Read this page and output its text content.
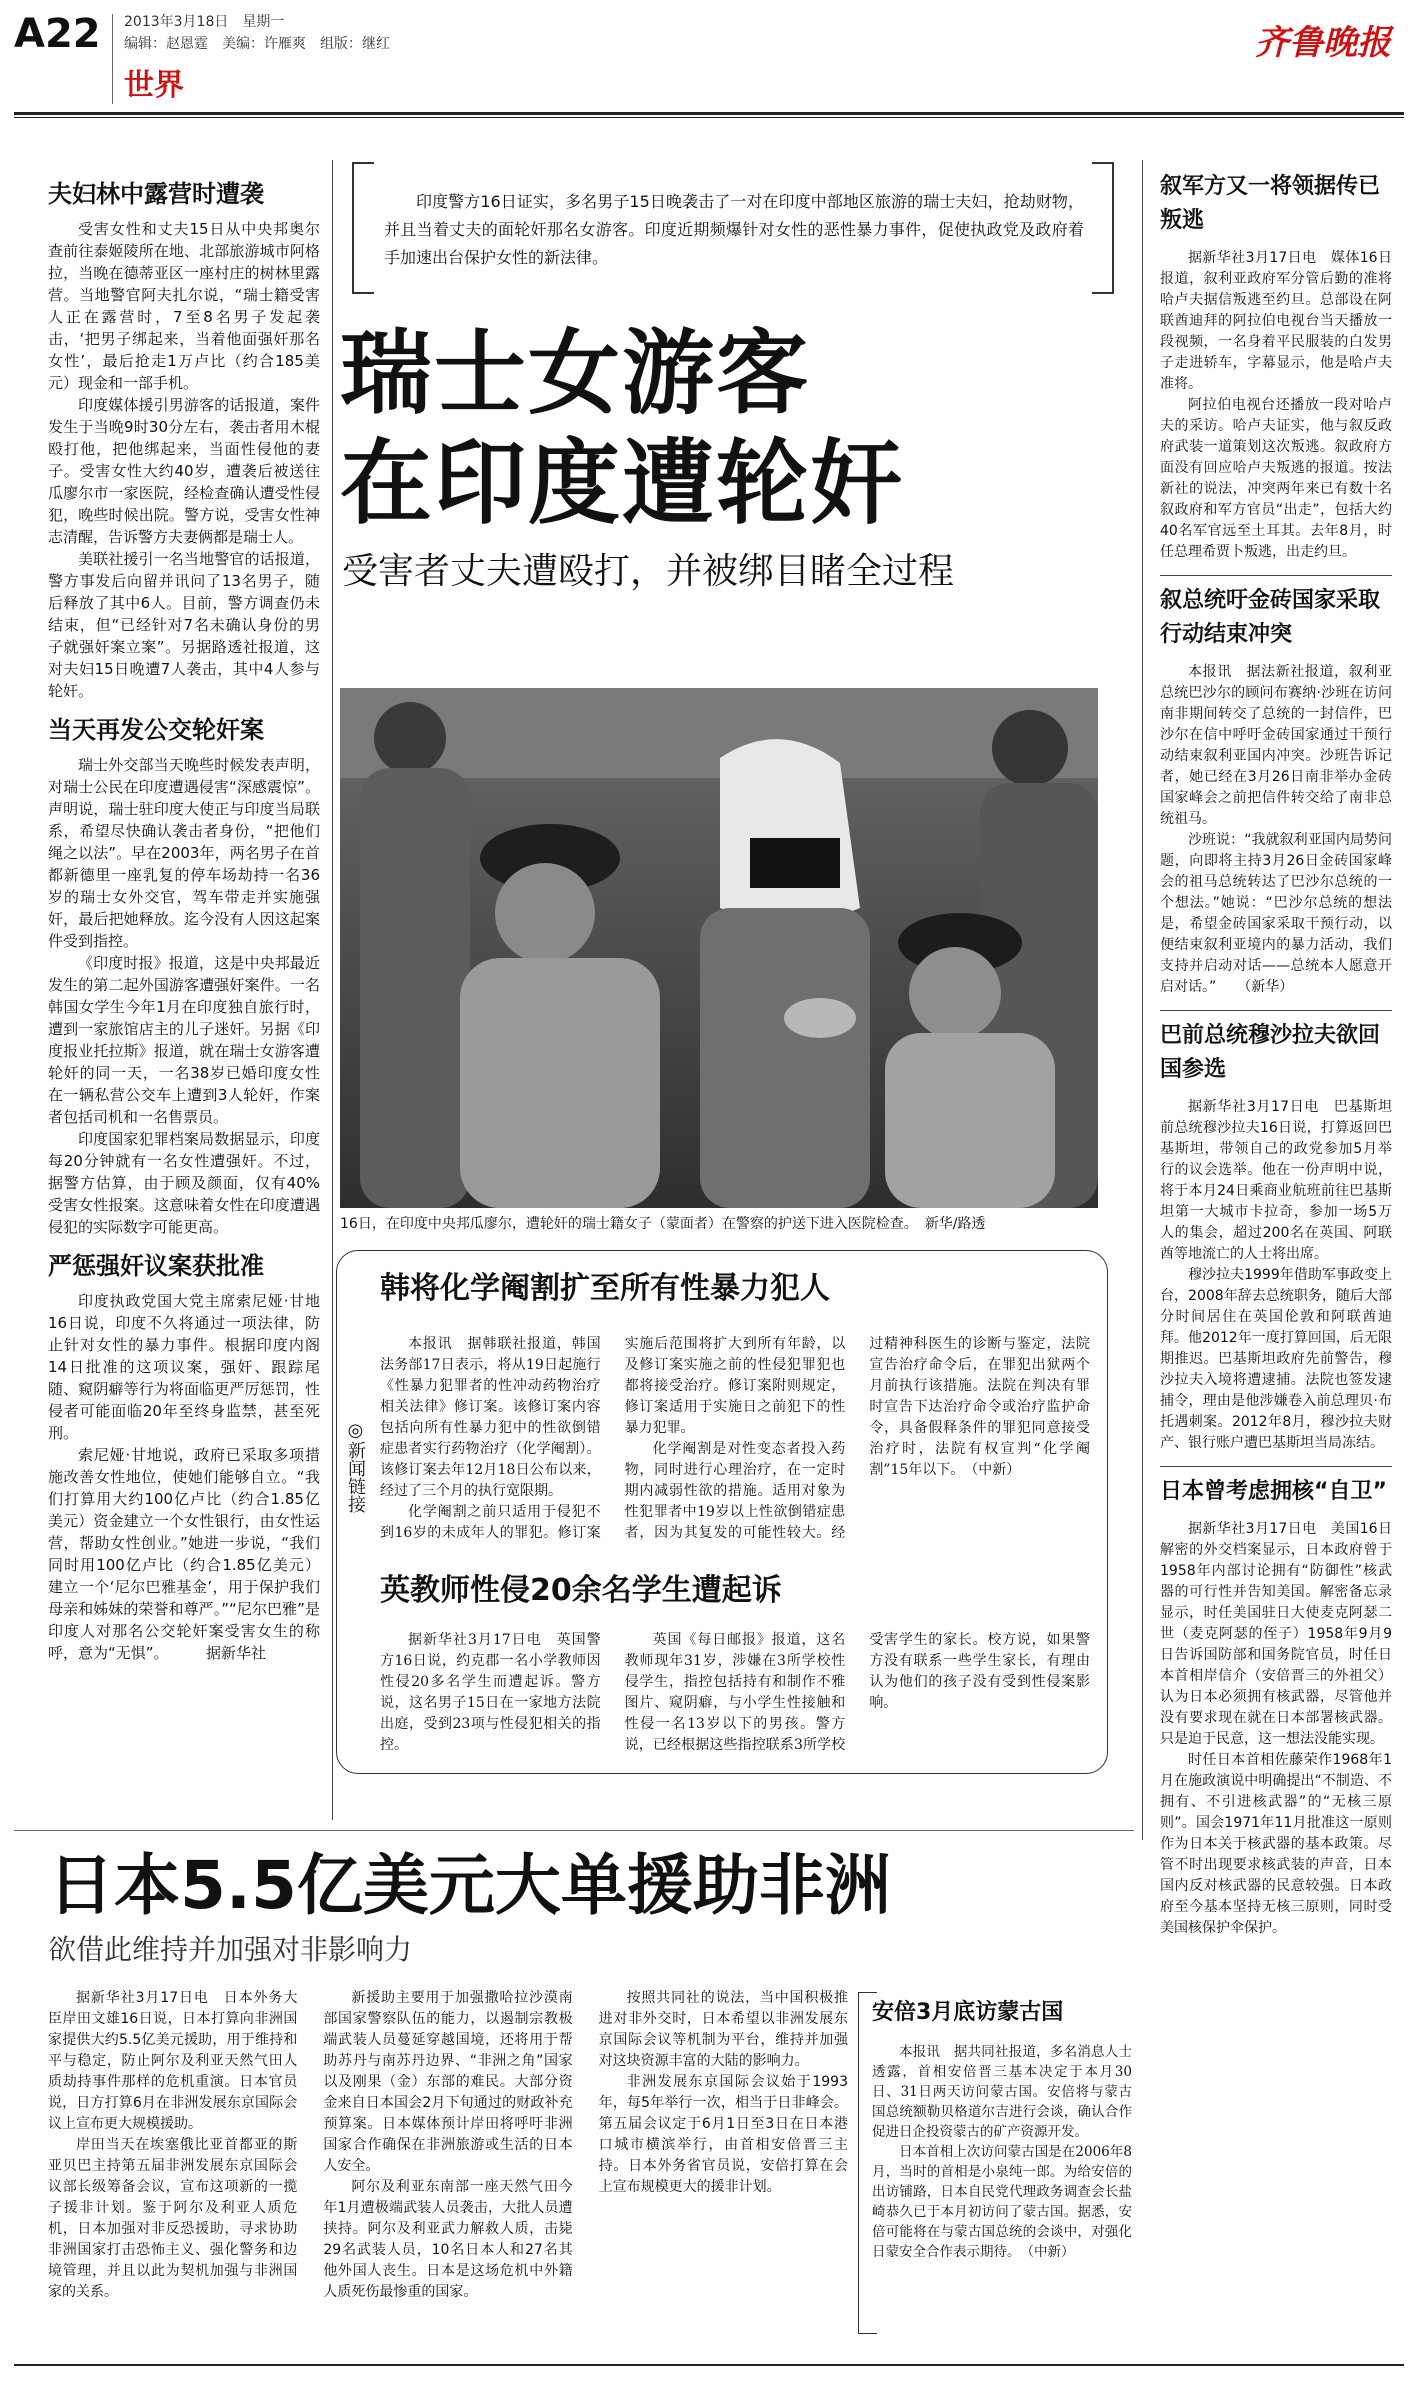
A22 2013年3月18日　星期一
编辑：赵恩霆　美编：许雁爽　组版：继红
世界
齐鲁晚报
夫妇林中露营时遭袭

受害女性和丈夫15日从中央邦奥尔查前往泰姬陵所在地、北部旅游城市阿格拉，当晚在德蒂亚区一座村庄的树林里露营。当地警官阿夫扎尔说，“瑞士籍受害人正在露营时，7至8名男子发起袭击，‘把男子绑起来，当着他面强奸那名女性’，最后抢走1万卢比（约合185美元）现金和一部手机。

印度媒体援引男游客的话报道，案件发生于当晚9时30分左右，袭击者用木棍殴打他，把他绑起来，当面性侵他的妻子。受害女性大约40岁，遭袭后被送往瓜廖尔市一家医院，经检查确认遭受性侵犯，晚些时候出院。警方说，受害女性神志清醒，告诉警方夫妻俩都是瑞士人。

美联社援引一名当地警官的话报道，警方事发后向留并讯问了13名男子，随后释放了其中6人。目前，警方调查仍未结束，但“已经针对7名未确认身份的男子就强奸案立案”。另据路透社报道，这对夫妇15日晚遭7人袭击，其中4人参与轮奸。

当天再发公交轮奸案

瑞士外交部当天晚些时候发表声明，对瑞士公民在印度遭遇侵害“深感震惊”。声明说，瑞士驻印度大使正与印度当局联系，希望尽快确认袭击者身份，“把他们绳之以法”。早在2003年，两名男子在首都新德里一座乳复的停车场劫持一名36岁的瑞士女外交官，驾车带走并实施强奸，最后把她释放。迄今没有人因这起案件受到指控。

《印度时报》报道，这是中央邦最近发生的第二起外国游客遭强奸案件。一名韩国女学生今年1月在印度独自旅行时，遭到一家旅馆店主的儿子迷奸。另据《印度报业托拉斯》报道，就在瑞士女游客遭轮奸的同一天，一名38岁已婚印度女性在一辆私营公交车上遭到3人轮奸，作案者包括司机和一名售票员。

印度国家犯罪档案局数据显示，印度每20分钟就有一名女性遭强奸。不过，据警方估算，由于顾及颜面，仅有40%受害女性报案。这意味着女性在印度遭遇侵犯的实际数字可能更高。

严惩强奸议案获批准

印度执政党国大党主席索尼娅·甘地16日说，印度不久将通过一项法律，防止针对女性的暴力事件。根据印度内阁14日批准的这项议案，强奸、跟踪尾随、窥阴癖等行为将面临更严厉惩罚，性侵者可能面临20年至终身监禁，甚至死刑。

索尼娅·甘地说，政府已采取多项措施改善女性地位，使她们能够自立。“我们打算用大约100亿卢比（约合1.85亿美元）资金建立一个女性银行，由女性运营，帮助女性创业。”她进一步说，“我们同时用100亿卢比（约合1.85亿美元）建立一个‘尼尔巴雅基金’，用于保护我们母亲和姊妹的荣誉和尊严。”“尼尔巴雅”是印度人对那名公交轮奸案受害女生的称呼，意为“无惧”。　　　据新华社

印度警方16日证实，多名男子15日晚袭击了一对在印度中部地区旅游的瑞士夫妇，抢劫财物，并且当着丈夫的面轮奸那名女游客。印度近期频爆针对女性的恶性暴力事件，促使执政党及政府着手加速出台保护女性的新法律。
瑞士女游客
在印度遭轮奸
受害者丈夫遭殴打，并被绑目睹全过程
16日，在印度中央邦瓜廖尔，遭轮奸的瑞士籍女子（蒙面者）在警察的护送下进入医院检查。　新华/路透
◎新闻链接
韩将化学阉割扩至所有性暴力犯人

本报讯　据韩联社报道，韩国法务部17日表示，将从19日起施行《性暴力犯罪者的性冲动药物治疗相关法律》修订案。该修订案内容包括向所有性暴力犯中的性欲倒错症患者实行药物治疗（化学阉割）。该修订案去年12月18日公布以来，经过了三个月的执行宽限期。

化学阉割之前只适用于侵犯不到16岁的未成年人的罪犯。修订案实施后范围将扩大到所有年龄，以及修订案实施之前的性侵犯罪犯也都将接受治疗。修订案附则规定，修订案适用于实施日之前犯下的性暴力犯罪。

化学阉割是对性变态者投入药物，同时进行心理治疗，在一定时期内减弱性欲的措施。适用对象为性犯罪者中19岁以上性欲倒错症患者，因为其复发的可能性较大。经过精神科医生的诊断与鉴定，法院宣告治疗命令后，在罪犯出狱两个月前执行该措施。法院在判决有罪时宣告下达治疗命令或治疗监护命令，具备假释条件的罪犯同意接受治疗时，法院有权宣判“化学阉割”15年以下。　（中新）

英教师性侵20余名学生遭起诉

据新华社3月17日电　英国警方16日说，约克郡一名小学教师因性侵20多名学生而遭起诉。警方说，这名男子15日在一家地方法院出庭，受到23项与性侵犯相关的指控。

英国《每日邮报》报道，这名教师现年31岁，涉嫌在3所学校性侵学生，指控包括持有和制作不雅图片、窥阴癖，与小学生性接触和性侵一名13岁以下的男孩。警方说，已经根据这些指控联系3所学校受害学生的家长。校方说，如果警方没有联系一些学生家长，有理由认为他们的孩子没有受到性侵案影响。

叙军方又一将领据传已叛逃

据新华社3月17日电　媒体16日报道，叙利亚政府军分管后勤的准将哈卢夫据信叛逃至约旦。总部设在阿联酋迪拜的阿拉伯电视台当天播放一段视频，一名身着平民服装的白发男子走进轿车，字幕显示，他是哈卢夫准将。

阿拉伯电视台还播放一段对哈卢夫的采访。哈卢夫证实，他与叙反政府武装一道策划这次叛逃。叙政府方面没有回应哈卢夫叛逃的报道。按法新社的说法，冲突两年来已有数十名叙政府和军方官员“出走”，包括大约40名军官远至土耳其。去年8月，时任总理希贾卜叛逃，出走约旦。

叙总统吁金砖国家采取行动结束冲突

本报讯　据法新社报道，叙利亚总统巴沙尔的顾问布赛纳·沙班在访问南非期间转交了总统的一封信件，巴沙尔在信中呼吁金砖国家通过干预行动结束叙利亚国内冲突。沙班告诉记者，她已经在3月26日南非举办金砖国家峰会之前把信件转交给了南非总统祖马。

沙班说：“我就叙利亚国内局势问题，向即将主持3月26日金砖国家峰会的祖马总统转达了巴沙尔总统的一个想法。”她说：“巴沙尔总统的想法是，希望金砖国家采取干预行动，以便结束叙利亚境内的暴力活动，我们支持并启动对话——总统本人愿意开启对话。”　　（新华）

巴前总统穆沙拉夫欲回国参选

据新华社3月17日电　巴基斯坦前总统穆沙拉夫16日说，打算返回巴基斯坦，带领自己的政党参加5月举行的议会选举。他在一份声明中说，将于本月24日乘商业航班前往巴基斯坦第一大城市卡拉奇，参加一场5万人的集会，超过200名在英国、阿联酋等地流亡的人士将出席。

穆沙拉夫1999年借助军事政变上台，2008年辞去总统职务，随后大部分时间居住在英国伦敦和阿联酋迪拜。他2012年一度打算回国，后无限期推迟。巴基斯坦政府先前警告，穆沙拉夫入境将遭逮捕。法院也签发逮捕令，理由是他涉嫌卷入前总理贝·布托遇刺案。2012年8月，穆沙拉夫财产、银行账户遭巴基斯坦当局冻结。

日本曾考虑拥核“自卫”

据新华社3月17日电　美国16日解密的外交档案显示，日本政府曾于1958年内部讨论拥有“防御性”核武器的可行性并告知美国。解密备忘录显示，时任美国驻日大使麦克阿瑟二世（麦克阿瑟的侄子）1958年9月9日告诉国防部和国务院官员，时任日本首相岸信介（安倍晋三的外祖父）认为日本必须拥有核武器，尽管他并没有要求现在就在日本部署核武器。只是迫于民意，这一想法没能实现。

时任日本首相佐藤荣作1968年1月在施政演说中明确提出“不制造、不拥有、不引进核武器”的“无核三原则”。国会1971年11月批准这一原则作为日本关于核武器的基本政策。尽管不时出现要求核武装的声音，日本国内反对核武器的民意较强。日本政府至今基本坚持无核三原则，同时受美国核保护伞保护。

日本5.5亿美元大单援助非洲
欲借此维持并加强对非影响力

据新华社3月17日电　日本外务大臣岸田文雄16日说，日本打算向非洲国家提供大约5.5亿美元援助，用于维持和平与稳定，防止阿尔及利亚天然气田人质劫持事件那样的危机重演。日本官员说，日方打算6月在非洲发展东京国际会议上宣布更大规模援助。

岸田当天在埃塞俄比亚首都亚的斯亚贝巴主持第五届非洲发展东京国际会议部长级筹备会议，宣布这项新的一揽子援非计划。鉴于阿尔及利亚人质危机，日本加强对非反恐援助，寻求协助非洲国家打击恐怖主义、强化警务和边境管理，并且以此为契机加强与非洲国家的关系。

新援助主要用于加强撒哈拉沙漠南部国家警察队伍的能力，以遏制宗教极端武装人员蔓延穿越国境，还将用于帮助苏丹与南苏丹边界、“非洲之角”国家以及刚果（金）东部的难民。大部分资金来自日本国会2月下旬通过的财政补充预算案。日本媒体预计岸田将呼吁非洲国家合作确保在非洲旅游或生活的日本人安全。

阿尔及利亚东南部一座天然气田今年1月遭极端武装人员袭击，大批人员遭挟持。阿尔及利亚武力解救人质，击毙29名武装人员，10名日本人和27名其他外国人丧生。日本是这场危机中外籍人质死伤最惨重的国家。

按照共同社的说法，当中国积极推进对非外交时，日本希望以非洲发展东京国际会议等机制为平台，维持并加强对这块资源丰富的大陆的影响力。

非洲发展东京国际会议始于1993年，每5年举行一次，相当于日非峰会。第五届会议定于6月1日至3日在日本港口城市横滨举行，由首相安倍晋三主持。日本外务省官员说，安倍打算在会上宣布规模更大的援非计划。

安倍3月底访蒙古国

本报讯　据共同社报道，多名消息人士透露，首相安倍晋三基本决定于本月30日、31日两天访问蒙古国。安倍将与蒙古国总统额勒贝格道尔吉进行会谈，确认合作促进日企投资蒙古的矿产资源开发。

日本首相上次访问蒙古国是在2006年8月，当时的首相是小泉纯一郎。为给安倍的出访铺路，日本自民党代理政务调查会长盐崎恭久已于本月初访问了蒙古国。据悉，安倍可能将在与蒙古国总统的会谈中，对强化日蒙安全合作表示期待。　（中新）
